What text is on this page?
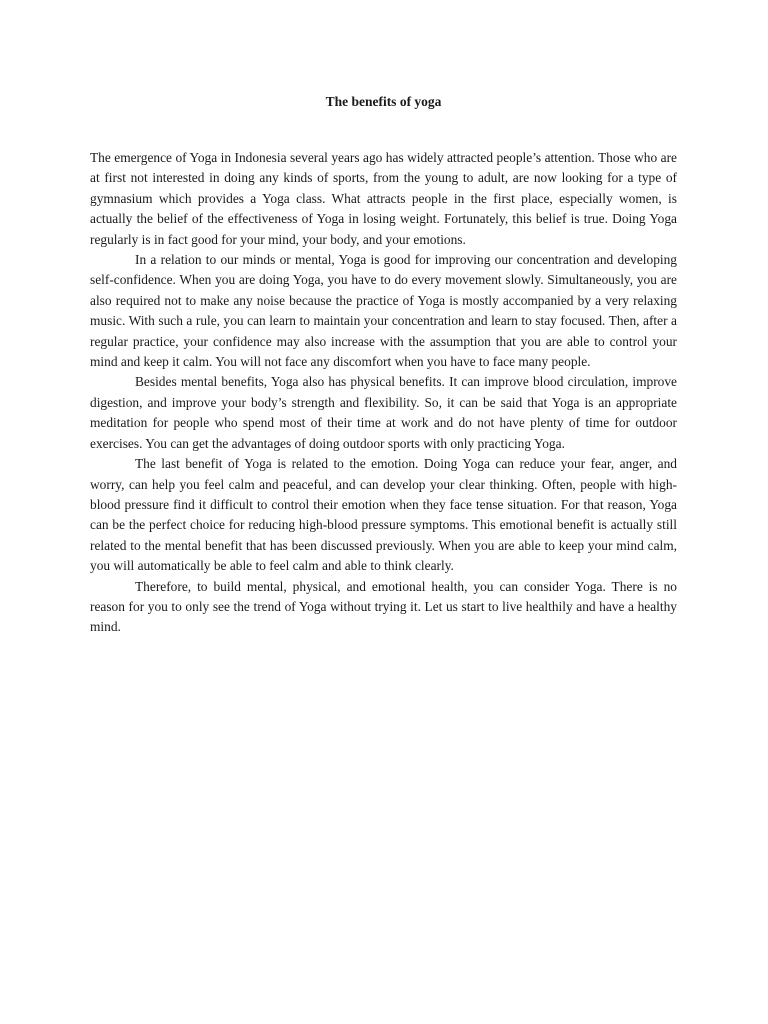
The benefits of yoga

The emergence of Yoga in Indonesia several years ago has widely attracted people’s attention. Those who are at first not interested in doing any kinds of sports, from the young to adult, are now looking for a type of gymnasium which provides a Yoga class. What attracts people in the first place, especially women, is actually the belief of the effectiveness of Yoga in losing weight. Fortunately, this belief is true. Doing Yoga regularly is in fact good for your mind, your body, and your emotions.

In a relation to our minds or mental, Yoga is good for improving our concentration and developing self-confidence. When you are doing Yoga, you have to do every movement slowly. Simultaneously, you are also required not to make any noise because the practice of Yoga is mostly accompanied by a very relaxing music. With such a rule, you can learn to maintain your concentration and learn to stay focused. Then, after a regular practice, your confidence may also increase with the assumption that you are able to control your mind and keep it calm. You will not face any discomfort when you have to face many people.

Besides mental benefits, Yoga also has physical benefits. It can improve blood circulation, improve digestion, and improve your body’s strength and flexibility. So, it can be said that Yoga is an appropriate meditation for people who spend most of their time at work and do not have plenty of time for outdoor exercises. You can get the advantages of doing outdoor sports with only practicing Yoga.

The last benefit of Yoga is related to the emotion. Doing Yoga can reduce your fear, anger, and worry, can help you feel calm and peaceful, and can develop your clear thinking. Often, people with high-blood pressure find it difficult to control their emotion when they face tense situation. For that reason, Yoga can be the perfect choice for reducing high-blood pressure symptoms. This emotional benefit is actually still related to the mental benefit that has been discussed previously. When you are able to keep your mind calm, you will automatically be able to feel calm and able to think clearly.

Therefore, to build mental, physical, and emotional health, you can consider Yoga. There is no reason for you to only see the trend of Yoga without trying it. Let us start to live healthily and have a healthy mind.
